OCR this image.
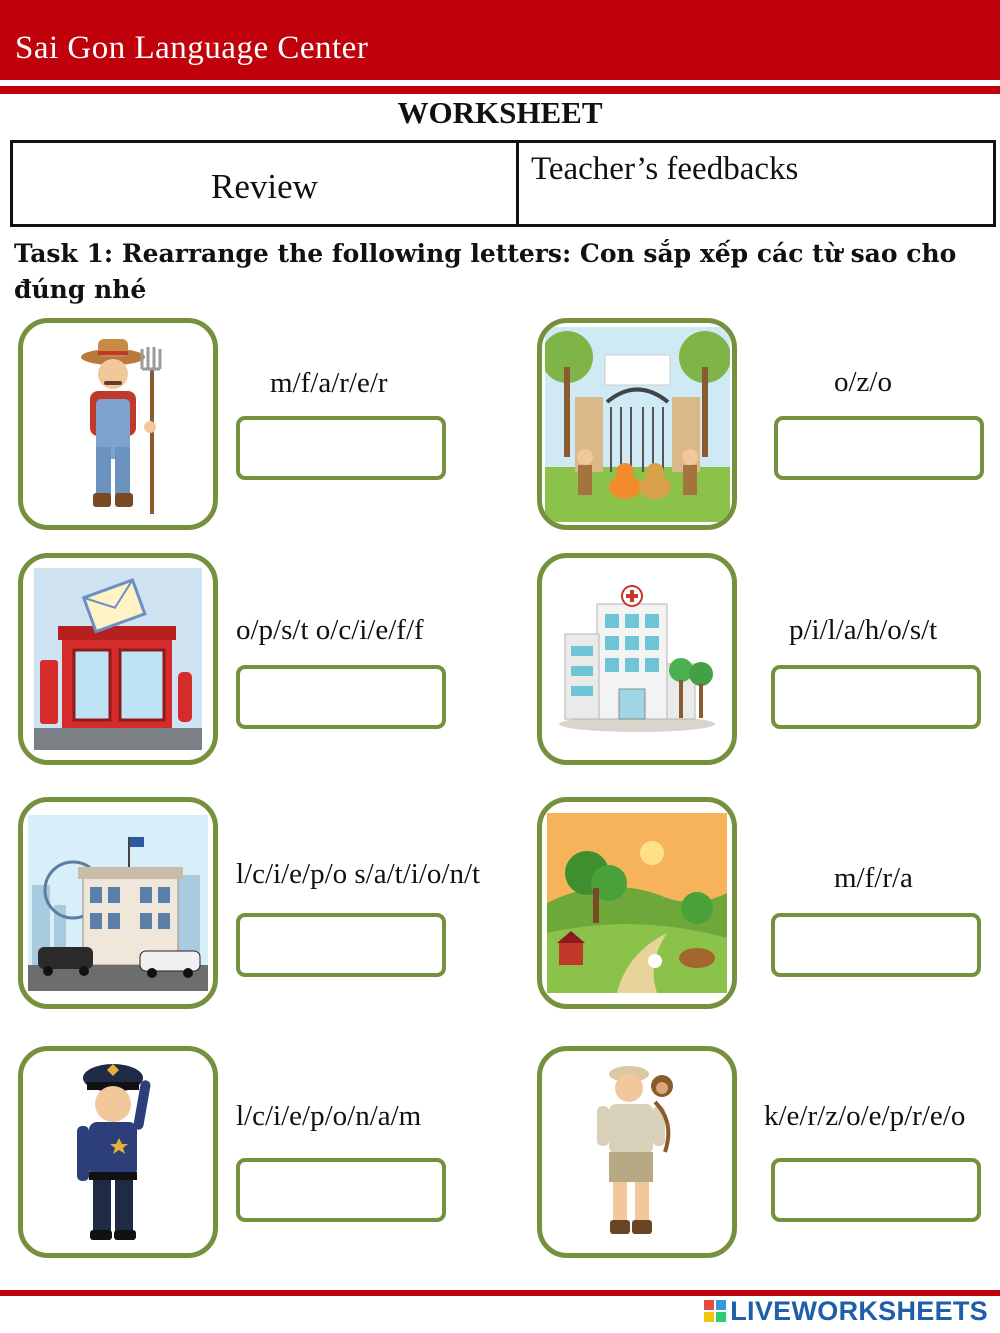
Sai Gon Language Center
WORKSHEET
Review	Teacher’s feedbacks
Task 1: Rearrange the following letters: Con sắp xếp các từ sao cho đúng nhé
m/f/a/r/e/r	o/z/o
o/p/s/t o/c/i/e/f/f	p/i/l/a/h/o/s/t
l/c/i/e/p/o s/a/t/i/o/n/t	m/f/r/a
l/c/i/e/p/o/n/a/m	k/e/r/z/o/e/p/r/e/o
LIVEWORKSHEETS
